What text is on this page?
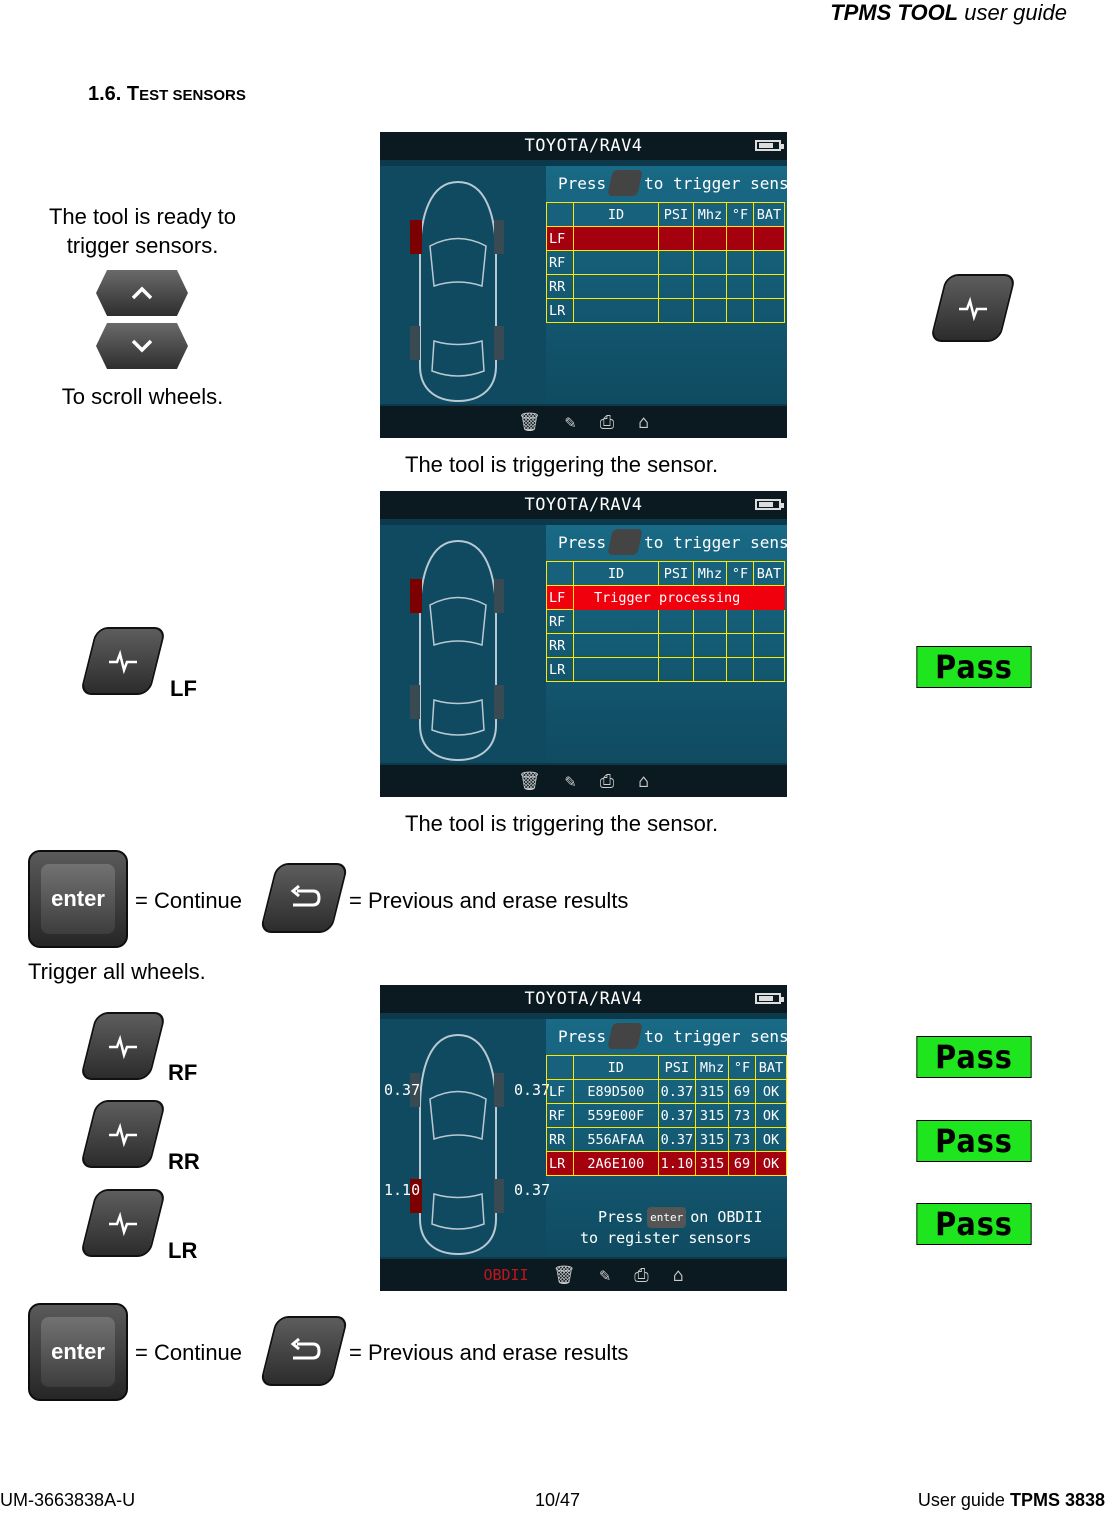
TPMS TOOL user guide
1.6. TEST SENSORS
The tool is ready to trigger sensors.
To scroll wheels.
TOYOTA/RAV4
Press to trigger sensor
	ID	PSI	Mhz	°F	BAT
LF					
RF					
RR					
LR					
🗑 ✎ ⎙ ⌂
The tool is triggering the sensor.
TOYOTA/RAV4
Press to trigger sensor
	ID	PSI	Mhz	°F	BAT
LF	Trigger processing				
RF					
RR					
LR					
🗑 ✎ ⎙ ⌂
LF
Pass
The tool is triggering the sensor.
enter	= Continue	= Previous and erase results
Trigger all wheels.
TOYOTA/RAV4
0.37	0.37
1.10	0.37
Press to trigger sensor
	ID	PSI	Mhz	°F	BAT
LF	E89D500	0.37	315	69	OK
RF	559E00F	0.37	315	73	OK
RR	556AFAA	0.37	315	73	OK
LR	2A6E100	1.10	315	69	OK
Press enter on OBDII
to register sensors
OBDII 🗑 ✎ ⎙ ⌂
RF
RR
LR
Pass
Pass
Pass
enter	= Continue	= Previous and erase results
UM-3663838A-U	10/47	User guide TPMS 3838
